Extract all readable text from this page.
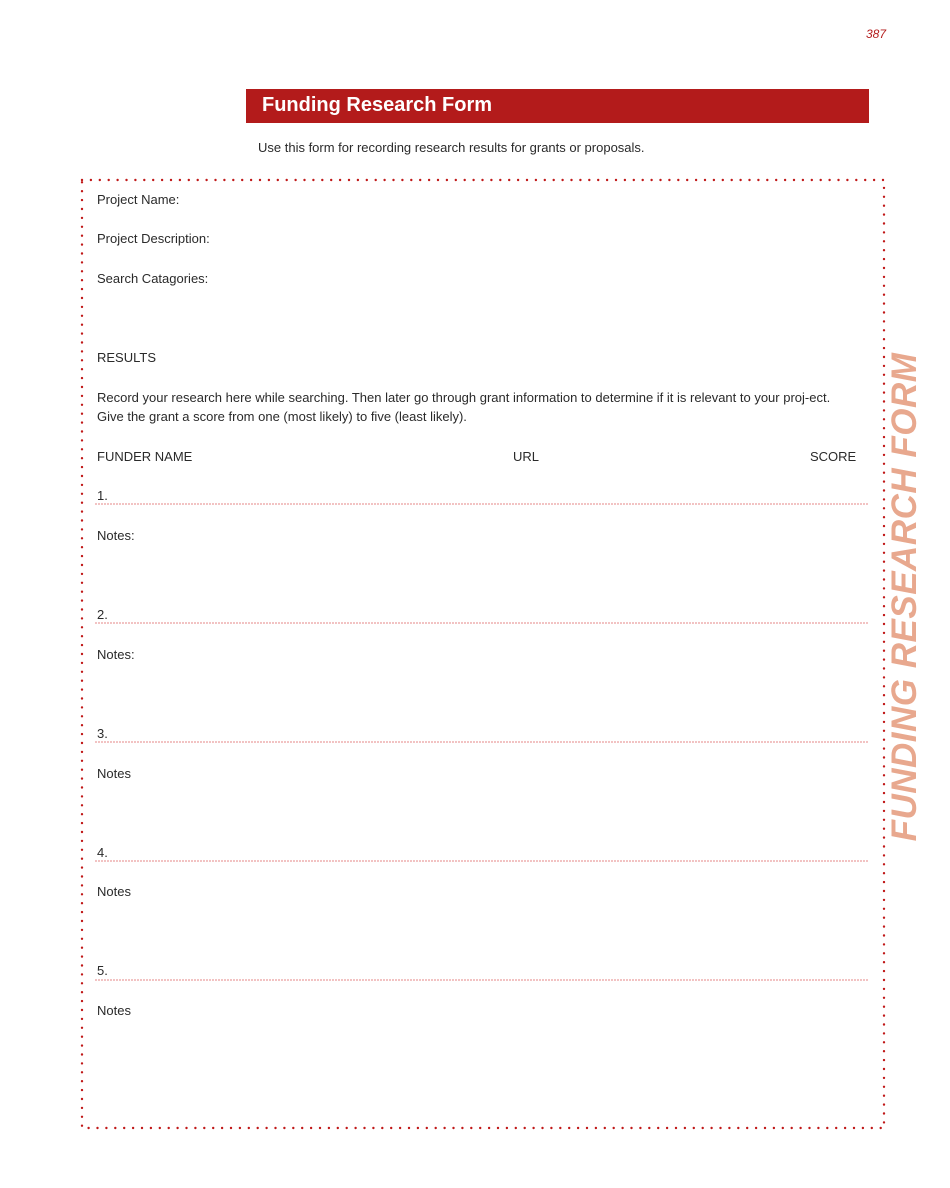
387
Funding Research Form
Use this form for recording research results for grants or proposals.
FUNDING RESEARCH FORM
Project Name:
Project Description:
Search Catagories:
RESULTS
Record your research here while searching. Then later go through grant information to determine if it is relevant to your proj-ect. Give the grant a score from one (most likely) to five (least likely).
FUNDER NAME	URL	SCORE
1.
Notes:
2.
Notes:
3.
Notes
4.
Notes
5.
Notes
